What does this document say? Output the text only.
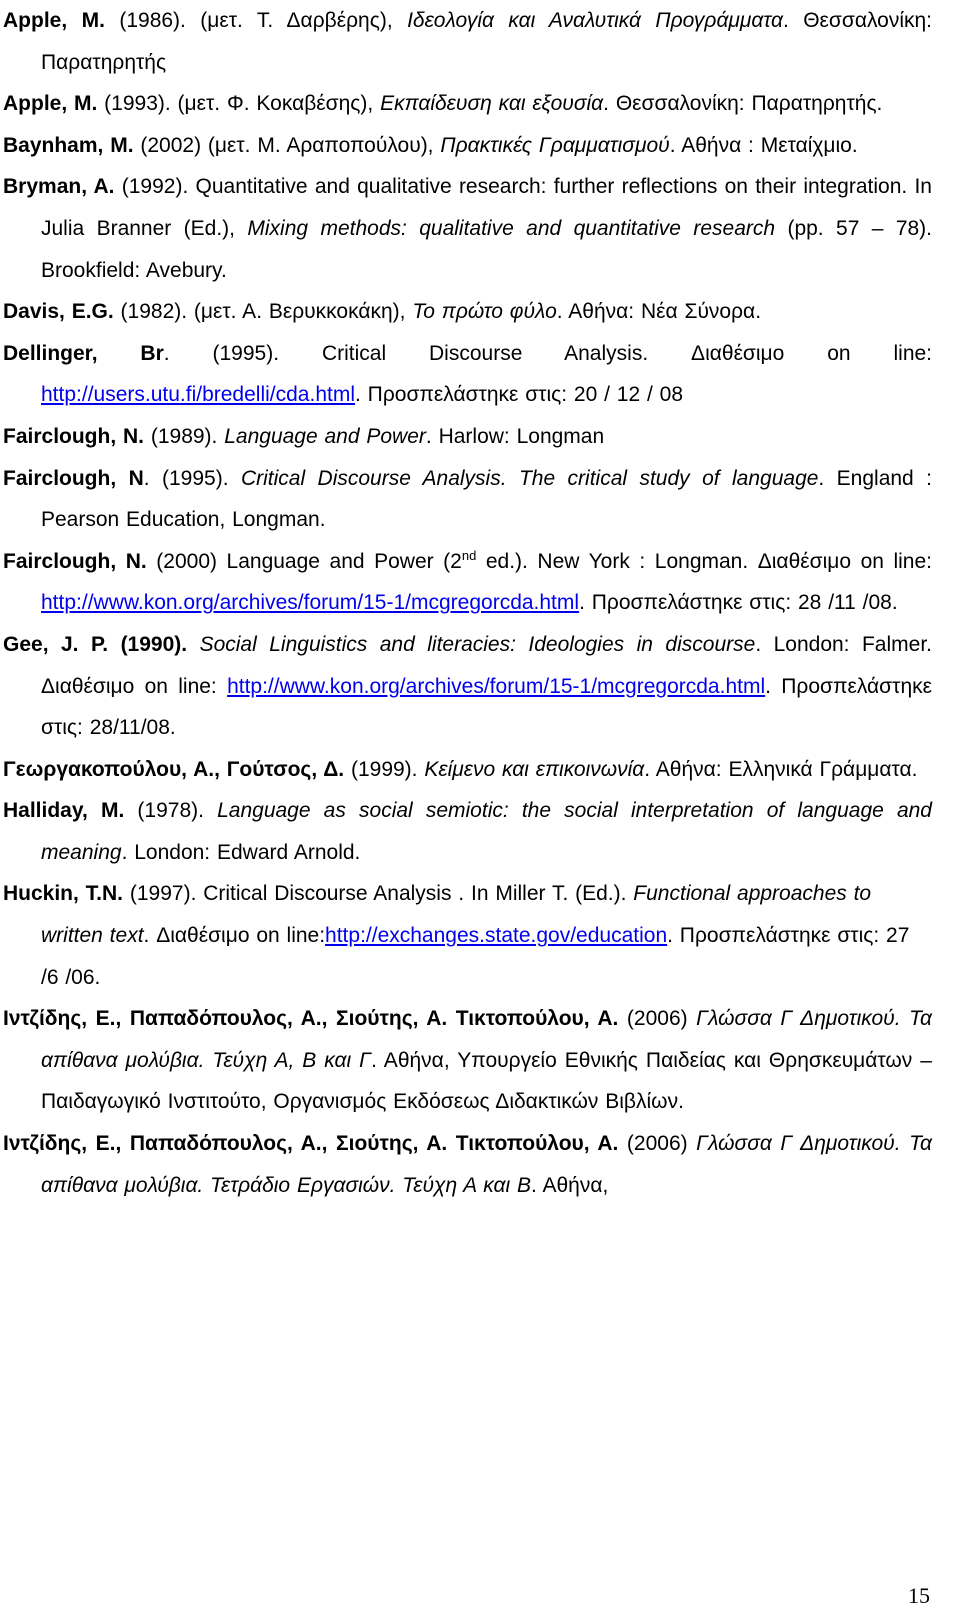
Apple, M. (1986). (μετ. Τ. Δαρβέρης), Ιδεολογία και Αναλυτικά Προγράμματα. Θεσσαλονίκη: Παρατηρητής

Apple, M. (1993). (μετ. Φ. Κοκαβέσης), Εκπαίδευση και εξουσία. Θεσσαλονίκη: Παρατηρητής.

Baynham, M. (2002) (μετ. Μ. Αραποπούλου), Πρακτικές Γραμματισμού. Αθήνα : Μεταίχμιο.

Bryman, A. (1992). Quantitative and qualitative research: further reflections on their integration. In Julia Branner (Ed.), Mixing methods: qualitative and quantitative research (pp. 57 – 78). Brookfield: Avebury.

Davis, E.G. (1982). (μετ. Α. Βερυκκοκάκη), Το πρώτο φύλο. Αθήνα: Νέα Σύνορα.

Dellinger, Br. (1995). Critical Discourse Analysis. Διαθέσιμο on line: http://users.utu.fi/bredelli/cda.html. Προσπελάστηκε στις: 20 / 12 / 08

Fairclough, N. (1989). Language and Power. Harlow: Longman

Fairclough, N. (1995). Critical Discourse Analysis. The critical study of language. England : Pearson Education, Longman.

Fairclough, N. (2000) Language and Power (2nd ed.). New York : Longman. Διαθέσιμο on line: http://www.kon.org/archives/forum/15-1/mcgregorcda.html. Προσπελάστηκε στις: 28 /11 /08.

Gee, J. P. (1990). Social Linguistics and literacies: Ideologies in discourse. London: Falmer. Διαθέσιμο on line: http://www.kon.org/archives/forum/15-1/mcgregorcda.html. Προσπελάστηκε στις: 28/11/08.

Γεωργακοπούλου, Α., Γούτσος, Δ. (1999). Κείμενο και επικοινωνία. Αθήνα: Ελληνικά Γράμματα.

Halliday, M. (1978). Language as social semiotic: the social interpretation of language and meaning. London: Edward Arnold.

Huckin, T.N. (1997). Critical Discourse Analysis . In Miller T. (Ed.). Functional approaches to written text. Διαθέσιμο on line:http://exchanges.state.gov/education. Προσπελάστηκε στις: 27 /6 /06.

Ιντζίδης, Ε., Παπαδόπουλος, Α., Σιούτης, Α. Τικτοπούλου, Α. (2006) Γλώσσα Γ Δημοτικού. Τα απίθανα μολύβια. Τεύχη Α, Β και Γ. Αθήνα, Υπουργείο Εθνικής Παιδείας και Θρησκευμάτων – Παιδαγωγικό Ινστιτούτο, Οργανισμός Εκδόσεως Διδακτικών Βιβλίων.

Ιντζίδης, Ε., Παπαδόπουλος, Α., Σιούτης, Α. Τικτοπούλου, Α. (2006) Γλώσσα Γ Δημοτικού. Τα απίθανα μολύβια. Τετράδιο Εργασιών. Τεύχη Α και Β. Αθήνα,

15
